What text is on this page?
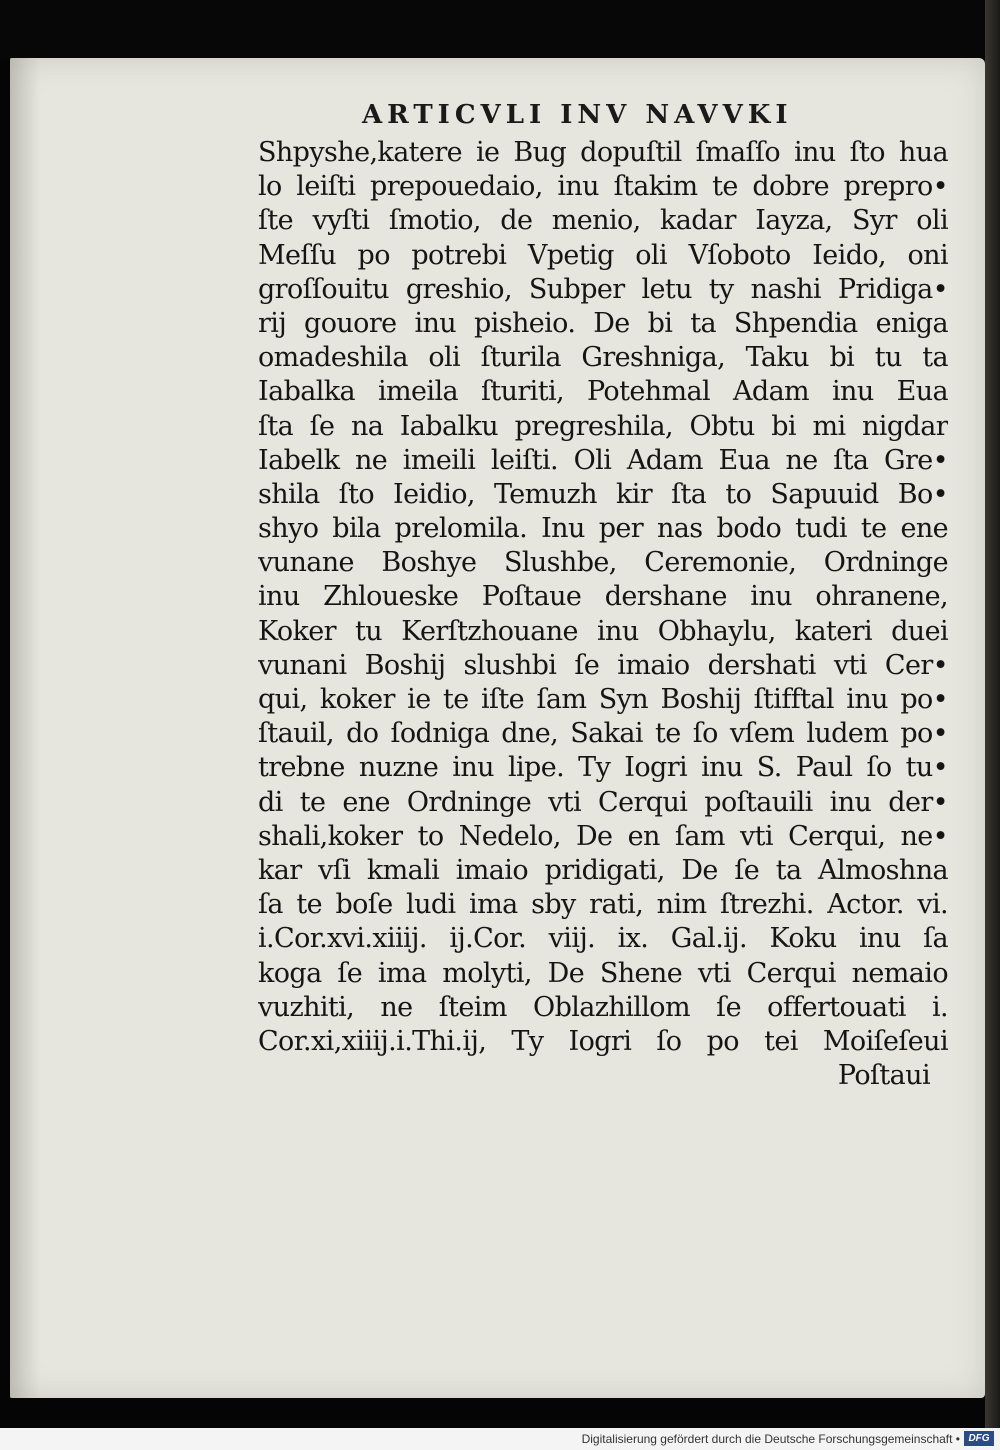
ARTICVLI INV NAVVKI
Shpyshe,katere ie Bug dopuſtil ſmaſſo inu ſto hua
lo leiſti prepouedaio, inu ſtakim te dobre prepro•
ſte vyſti ſmotio, de menio, kadar Iayza, Syr oli
Meſſu po potrebi Vpetig oli Vſoboto Ieido, oni
groſſouitu greshio, Subper letu ty nashi Pridiga•
rij gouore inu pisheio. De bi ta Shpendia eniga
omadeshila oli ſturila Greshniga, Taku bi tu ta
Iabalka imeila ſturiti, Potehmal Adam inu Eua
ſta ſe na Iabalku pregreshila, Obtu bi mi nigdar
Iabelk ne imeili leiſti. Oli Adam Eua ne ſta Gre•
shila ſto Ieidio, Temuzh kir ſta to Sapuuid Bo•
shyo bila prelomila. Inu per nas bodo tudi te ene
vunane Boshye Slushbe, Ceremonie, Ordninge
inu Zhloueske Poſtaue dershane inu ohranene,
Koker tu Kerſtzhouane inu Obhaylu, kateri duei
vunani Boshij slushbi ſe imaio dershati vti Cer•
qui, koker ie te iſte ſam Syn Boshij ſtifftal inu po•
ſtauil, do ſodniga dne, Sakai te ſo vſem ludem po•
trebne nuzne inu lipe. Ty Iogri inu S. Paul ſo tu•
di te ene Ordninge vti Cerqui poſtauili inu der•
shali,koker to Nedelo, De en ſam vti Cerqui, ne•
kar vſi kmali imaio pridigati, De ſe ta Almoshna
ſa te boſe ludi ima sby rati, nim ſtrezhi. Actor. vi.
i.Cor.xvi.xiiij. ij.Cor. viij. ix. Gal.ij. Koku inu ſa
koga ſe ima molyti, De Shene vti Cerqui nemaio
vuzhiti, ne ſteim Oblazhillom ſe offertouati i.
Cor.xi,xiiij.i.Thi.ij, Ty Iogri ſo po tei Moiſeſeui
Poſtaui
Digitalisierung gefördert durch die Deutsche Forschungsgemeinschaft • DFG
